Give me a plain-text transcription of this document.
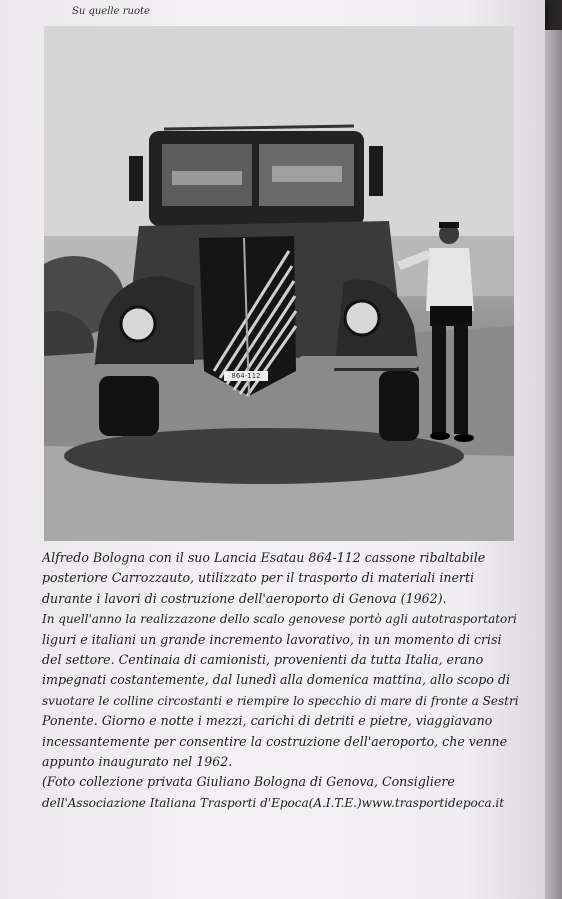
Su quelle ruote
864-112
Alfredo Bologna con il suo Lancia Esatau 864-112 cassone ribaltabile
posteriore Carrozzauto, utilizzato per il trasporto di materiali inerti
durante i lavori di costruzione dell'aeroporto di Genova (1962).
In quell'anno la realizzazone dello scalo genovese portò agli autotrasportatori
liguri e italiani un grande incremento lavorativo, in un momento di crisi
del settore. Centinaia di camionisti, provenienti da tutta Italia, erano
impegnati costantemente, dal lunedì alla domenica mattina, allo scopo di
svuotare le colline circostanti e riempire lo specchio di mare di fronte a Sestri
Ponente. Giorno e notte i mezzi, carichi di detriti e pietre, viaggiavano
incessantemente per consentire la costruzione dell'aeroporto, che venne
appunto inaugurato nel 1962.
(Foto collezione privata Giuliano Bologna di Genova, Consigliere
dell'Associazione Italiana Trasporti d'Epoca(A.I.T.E.)www.trasportidepoca.it
